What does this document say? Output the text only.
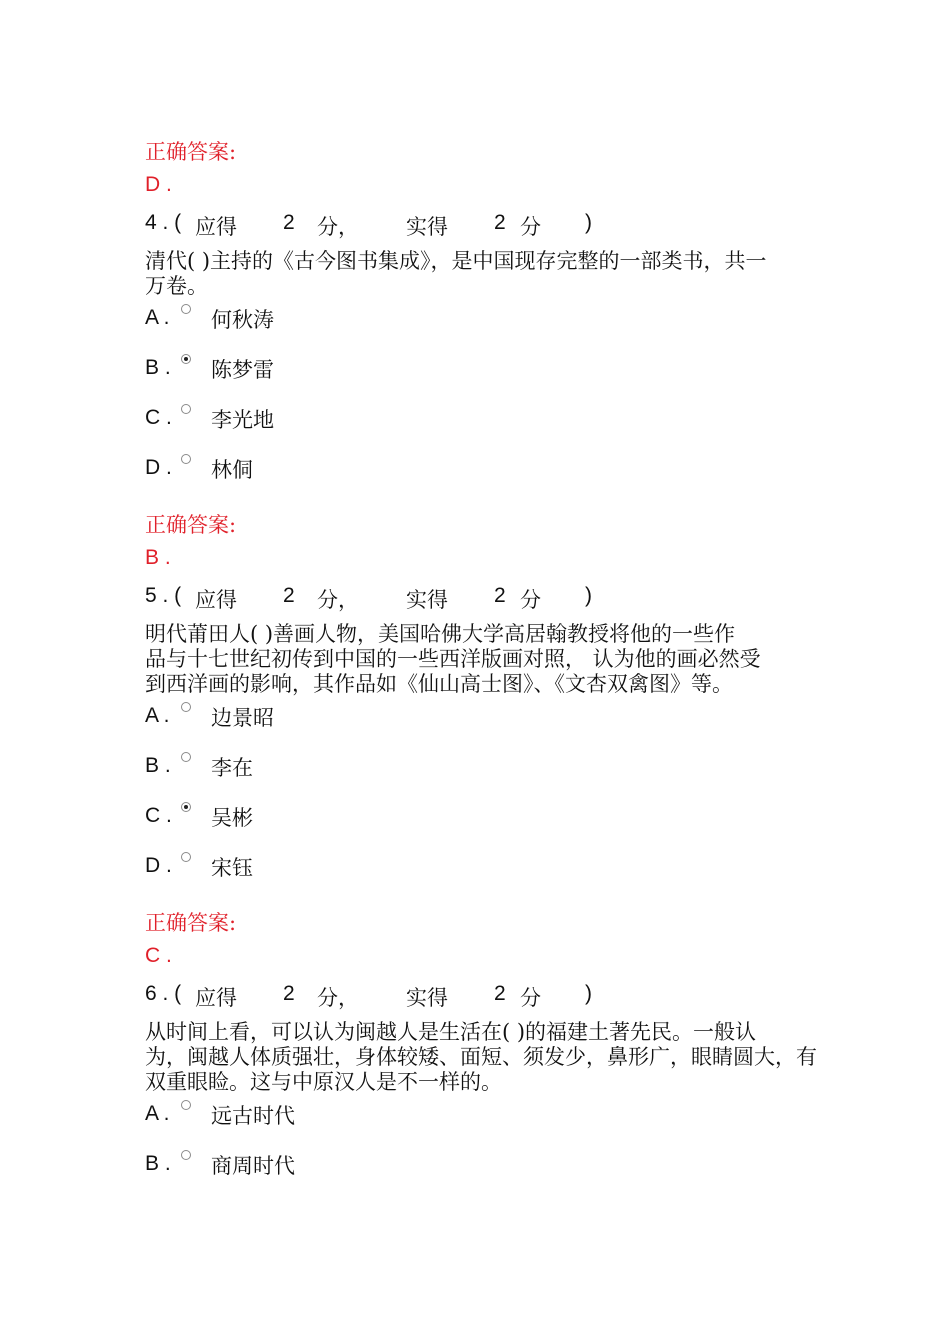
正确答案:
D .
4 . ( 应得 2 分， 实得 2 分 )
清代( )主持的《古今图书集成》，是中国现存完整的一部类书，共一
万卷。
A . 何秋涛
B . 陈梦雷
C . 李光地
D . 林侗
正确答案:
B .
5 . ( 应得 2 分， 实得 2 分 )
明代莆田人( )善画人物，美国哈佛大学高居翰教授将他的一些作
品与十七世纪初传到中国的一些西洋版画对照， 认为他的画必然受
到西洋画的影响，其作品如《仙山高士图》、《文杏双禽图》等。
A . 边景昭
B . 李在
C . 吴彬
D . 宋钰
正确答案:
C .
6 . ( 应得 2 分， 实得 2 分 )
从时间上看，可以认为闽越人是生活在( )的福建土著先民。一般认
为，闽越人体质强壮，身体较矮、面短、须发少，鼻形广，眼睛圆大，有
双重眼睑。这与中原汉人是不一样的。
A . 远古时代
B . 商周时代
